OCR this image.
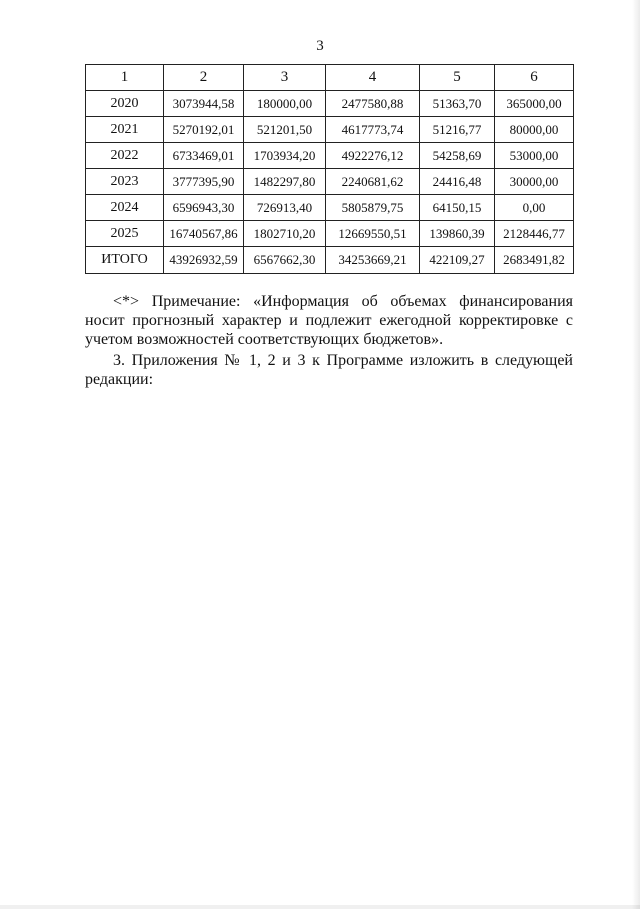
3
1	2	3	4	5	6
2020	3073944,58	180000,00	2477580,88	51363,70	365000,00
2021	5270192,01	521201,50	4617773,74	51216,77	80000,00
2022	6733469,01	1703934,20	4922276,12	54258,69	53000,00
2023	3777395,90	1482297,80	2240681,62	24416,48	30000,00
2024	6596943,30	726913,40	5805879,75	64150,15	0,00
2025	16740567,86	1802710,20	12669550,51	139860,39	2128446,77
ИТОГО	43926932,59	6567662,30	34253669,21	422109,27	2683491,82

<*> Примечание: «Информация об объемах финансирования носит прогнозный характер и подлежит ежегодной корректировке с учетом возможностей соответствующих бюджетов».

3. Приложения № 1, 2 и 3 к Программе изложить в следующей редакции:
